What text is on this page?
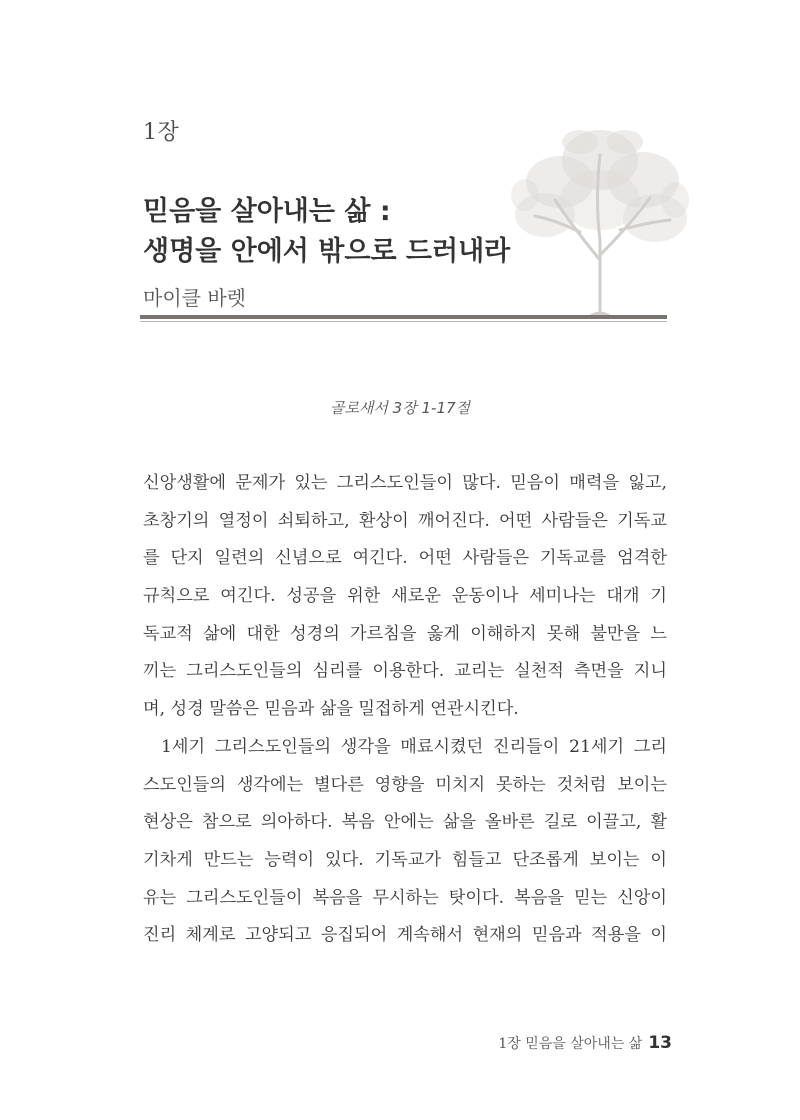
1장
믿음을 살아내는 삶 :
생명을 안에서 밖으로 드러내라
마이클 바렛
골로새서 3장 1-17절
신앙생활에 문제가 있는 그리스도인들이 많다. 믿음이 매력을 잃고,
초창기의 열정이 쇠퇴하고, 환상이 깨어진다. 어떤 사람들은 기독교
를 단지 일련의 신념으로 여긴다. 어떤 사람들은 기독교를 엄격한
규칙으로 여긴다. 성공을 위한 새로운 운동이나 세미나는 대개 기
독교적 삶에 대한 성경의 가르침을 옳게 이해하지 못해 불만을 느
끼는 그리스도인들의 심리를 이용한다. 교리는 실천적 측면을 지니
며, 성경 말씀은 믿음과 삶을 밀접하게 연관시킨다.
1세기 그리스도인들의 생각을 매료시켰던 진리들이 21세기 그리
스도인들의 생각에는 별다른 영향을 미치지 못하는 것처럼 보이는
현상은 참으로 의아하다. 복음 안에는 삶을 올바른 길로 이끌고, 활
기차게 만드는 능력이 있다. 기독교가 힘들고 단조롭게 보이는 이
유는 그리스도인들이 복음을 무시하는 탓이다. 복음을 믿는 신앙이
진리 체계로 고양되고 응집되어 계속해서 현재의 믿음과 적용을 이
1장 믿음을 살아내는 삶 13
